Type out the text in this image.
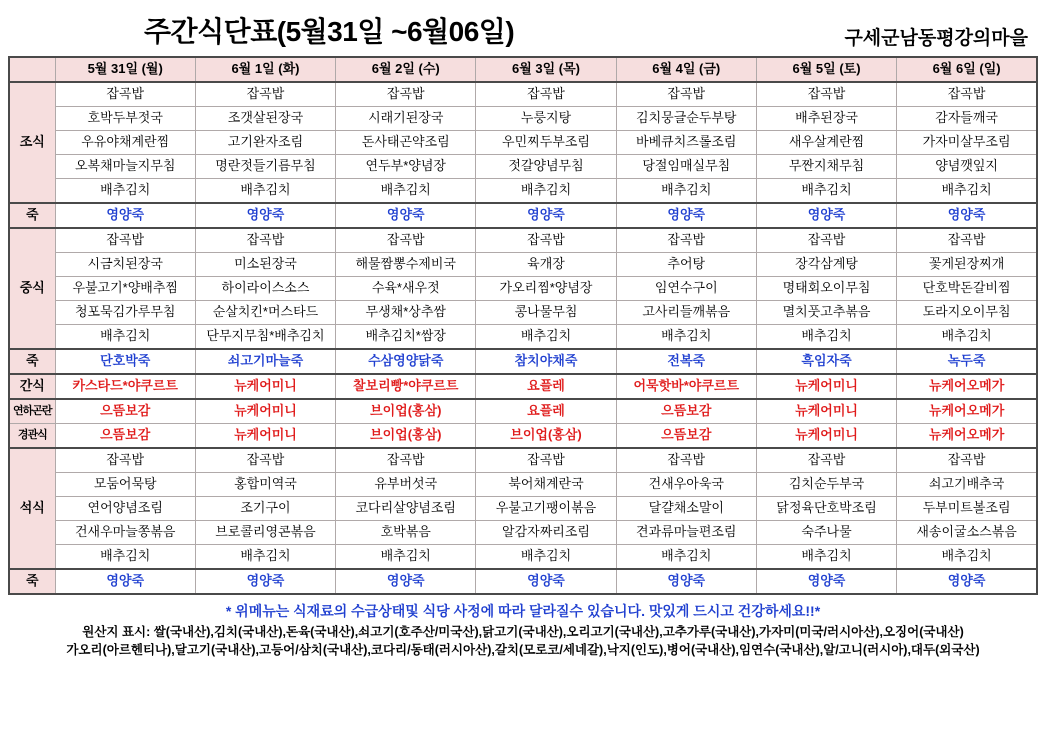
주간식단표(5월31일 ~6월06일)	구세군남동평강의마을
	5월 31일 (월)	6월 1일 (화)	6월 2일 (수)	6월 3일 (목)	6월 4일 (금)	6월 5일 (토)	6월 6일 (일)
조식	잡곡밥	잡곡밥	잡곡밥	잡곡밥	잡곡밥	잡곡밥	잡곡밥
	호박두부젓국	조갯살된장국	시래기된장국	누룽지탕	김치뭉글순두부탕	배추된장국	감자들깨국
	우유야채계란찜	고기완자조림	돈사태곤약조림	우민찌두부조림	바베큐치즈롤조림	새우살계란찜	가자미살무조림
	오복채마늘지무침	명란젓들기름무침	연두부*양념장	젓갈양념무침	당절임매실무침	무짠지채무침	양념깻잎지
	배추김치	배추김치	배추김치	배추김치	배추김치	배추김치	배추김치
죽	영양죽	영양죽	영양죽	영양죽	영양죽	영양죽	영양죽
중식	잡곡밥	잡곡밥	잡곡밥	잡곡밥	잡곡밥	잡곡밥	잡곡밥
	시금치된장국	미소된장국	해물짬뽕수제비국	육개장	추어탕	장각삼계탕	꽃게된장찌개
	우불고기*양배추찜	하이라이스소스	수육*새우젓	가오리찜*양념장	임연수구이	명태회오이무침	단호박돈갈비찜
	청포묵김가루무침	순살치킨*머스타드	무생채*상추쌈	콩나물무침	고사리들깨볶음	멸치풋고추볶음	도라지오이무침
	배추김치	단무지무침*배추김치	배추김치*쌈장	배추김치	배추김치	배추김치	배추김치
죽	단호박죽	쇠고기마늘죽	수삼영양닭죽	참치야채죽	전복죽	흑임자죽	녹두죽
간식	카스타드*야쿠르트	뉴케어미니	찰보리빵*야쿠르트	요플레	어묵핫바*야쿠르트	뉴케어미니	뉴케어오메가
연하곤란	으뜸보감	뉴케어미니	브이업(홍삼)	요플레	으뜸보감	뉴케어미니	뉴케어오메가
경관식	으뜸보감	뉴케어미니	브이업(홍삼)	브이업(홍삼)	으뜸보감	뉴케어미니	뉴케어오메가
석식	잡곡밥	잡곡밥	잡곡밥	잡곡밥	잡곡밥	잡곡밥	잡곡밥
	모둠어묵탕	홍합미역국	유부버섯국	북어채계란국	건새우아욱국	김치순두부국	쇠고기배추국
	연어양념조림	조기구이	코다리살양념조림	우불고기팽이볶음	달걀채소말이	닭정육단호박조림	두부미트볼조림
	건새우마늘쫑볶음	브로콜리영콘볶음	호박볶음	알감자짜리조림	견과류마늘편조림	숙주나물	새송이굴소스볶음
	배추김치	배추김치	배추김치	배추김치	배추김치	배추김치	배추김치
죽	영양죽	영양죽	영양죽	영양죽	영양죽	영양죽	영양죽
* 위메뉴는 식재료의 수급상태및 식당 사정에 따라 달라질수 있습니다. 맛있게 드시고 건강하세요!!*
원산지 표시: 쌀(국내산),김치(국내산),돈육(국내산),쇠고기(호주산/미국산),닭고기(국내산),오리고기(국내산),고추가루(국내산),가자미(미국/러시아산),오징어(국내산)
가오리(아르헨티나),달고기(국내산),고등어/삼치(국내산),코다리/동태(러시아산),갈치(모로코/세네갈),낙지(인도),병어(국내산),임연수(국내산),알/고니(러시아),대두(외국산)
